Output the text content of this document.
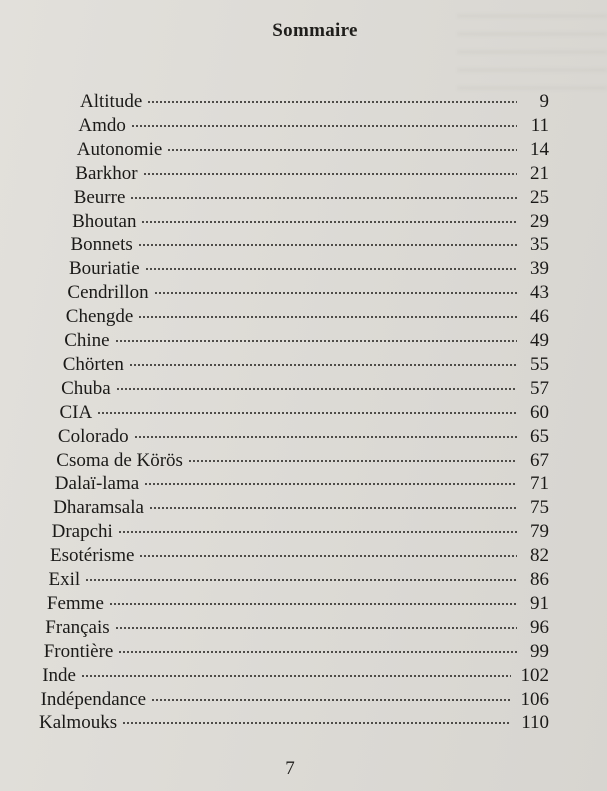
Sommaire
Altitude	9
Amdo	11
Autonomie	14
Barkhor	21
Beurre	25
Bhoutan	29
Bonnets	35
Bouriatie	39
Cendrillon	43
Chengde	46
Chine	49
Chörten	55
Chuba	57
CIA	60
Colorado	65
Csoma de Körös	67
Dalaï-lama	71
Dharamsala	75
Drapchi	79
Esotérisme	82
Exil	86
Femme	91
Français	96
Frontière	99
Inde	102
Indépendance	106
Kalmouks	110
7
